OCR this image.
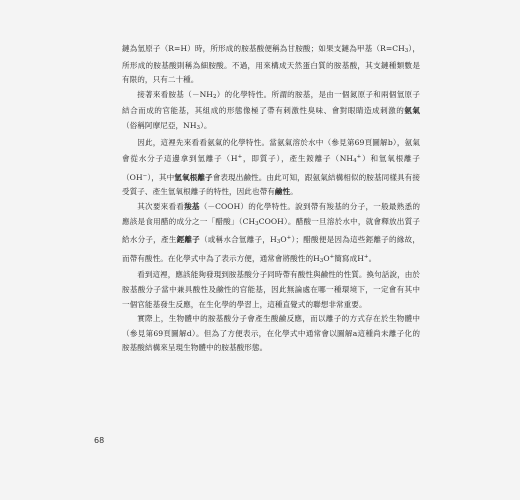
鏈為氫原子（R=H）時，所形成的胺基酸便稱為甘胺酸；如果支鏈為甲基（R=CH3），所形成的胺基酸則稱為細胺酸。不過，用來構成天然蛋白質的胺基酸，其支鏈種類數是有限的，只有二十種。

接著來看胺基（－NH2）的化學特性。所謂的胺基，是由一個氮原子和兩個氫原子結合而成的官能基，其組成的形態像極了帶有刺激性臭味、會對眼睛造成刺激的氨氣（俗稱阿摩尼亞，NH3）。

因此，這裡先來看看氨氣的化學特性。當氨氣溶於水中（參見第69頁圖解b），氨氣會從水分子這邊拿到氫離子（H+，即質子），產生銨離子（NH4+）和氫氧根離子（OH−），其中氫氧根離子會表現出鹼性。由此可知，跟氨氣結構相似的胺基同樣具有接受質子、產生氫氧根離子的特性，因此也帶有鹼性。

其次要來看看羧基（－COOH）的化學特性。說到帶有羧基的分子，一般最熟悉的應該是食用醋的成分之一「醋酸」（CH3COOH）。醋酸一旦溶於水中，就會釋放出質子給水分子，產生鋞離子（或稱水合氫離子，H3O+）；醋酸便是因為這些鋞離子的緣故，而帶有酸性。在化學式中為了表示方便，通常會將酸性的H3O+簡寫成H+。

看到這裡，應該能夠發現到胺基酸分子同時帶有酸性與鹼性的性質。換句話說，由於胺基酸分子當中兼具酸性及鹼性的官能基，因此無論處在哪一種環境下，一定會有其中一個官能基發生反應，在生化學的學習上，這種直覺式的聯想非常重要。

實際上，生物體中的胺基酸分子會產生酸鹼反應，而以離子的方式存在於生物體中（參見第69頁圖解d）。但為了方便表示，在化學式中通常會以圖解a這種尚未離子化的胺基酸結構來呈現生物體中的胺基酸形態。

68
